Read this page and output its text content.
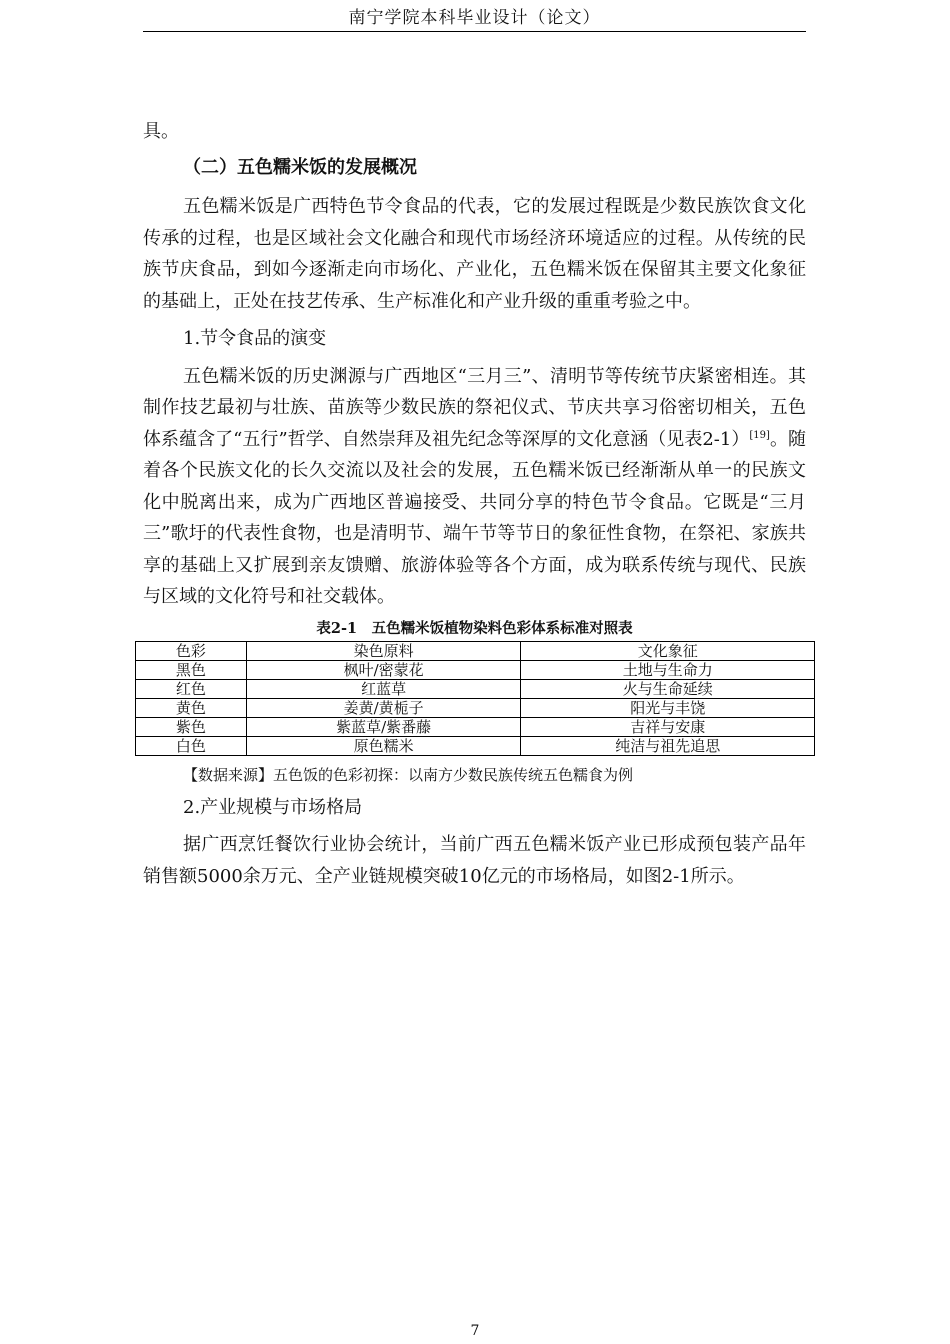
南宁学院本科毕业设计（论文）

具。

（二）五色糯米饭的发展概况

五色糯米饭是广西特色节令食品的代表，它的发展过程既是少数民族饮食文化传承的过程，也是区域社会文化融合和现代市场经济环境适应的过程。从传统的民族节庆食品，到如今逐渐走向市场化、产业化，五色糯米饭在保留其主要文化象征的基础上，正处在技艺传承、生产标准化和产业升级的重重考验之中。

1.节令食品的演变

五色糯米饭的历史渊源与广西地区“三月三”、清明节等传统节庆紧密相连。其制作技艺最初与壮族、苗族等少数民族的祭祀仪式、节庆共享习俗密切相关，五色体系蕴含了“五行”哲学、自然崇拜及祖先纪念等深厚的文化意涵（见表2-1）[19]。随着各个民族文化的长久交流以及社会的发展，五色糯米饭已经渐渐从单一的民族文化中脱离出来，成为广西地区普遍接受、共同分享的特色节令食品。它既是“三月三”歌圩的代表性食物，也是清明节、端午节等节日的象征性食物，在祭祀、家族共享的基础上又扩展到亲友馈赠、旅游体验等各个方面，成为联系传统与现代、民族与区域的文化符号和社交载体。

表2-1　五色糯米饭植物染料色彩体系标准对照表
色彩	染色原料	文化象征
黑色	枫叶/密蒙花	土地与生命力
红色	红蓝草	火与生命延续
黄色	姜黄/黄栀子	阳光与丰饶
紫色	紫蓝草/紫番藤	吉祥与安康
白色	原色糯米	纯洁与祖先追思
【数据来源】五色饭的色彩初探：以南方少数民族传统五色糯食为例

2.产业规模与市场格局

据广西烹饪餐饮行业协会统计，当前广西五色糯米饭产业已形成预包装产品年销售额5000余万元、全产业链规模突破10亿元的市场格局，如图2-1所示。

7
